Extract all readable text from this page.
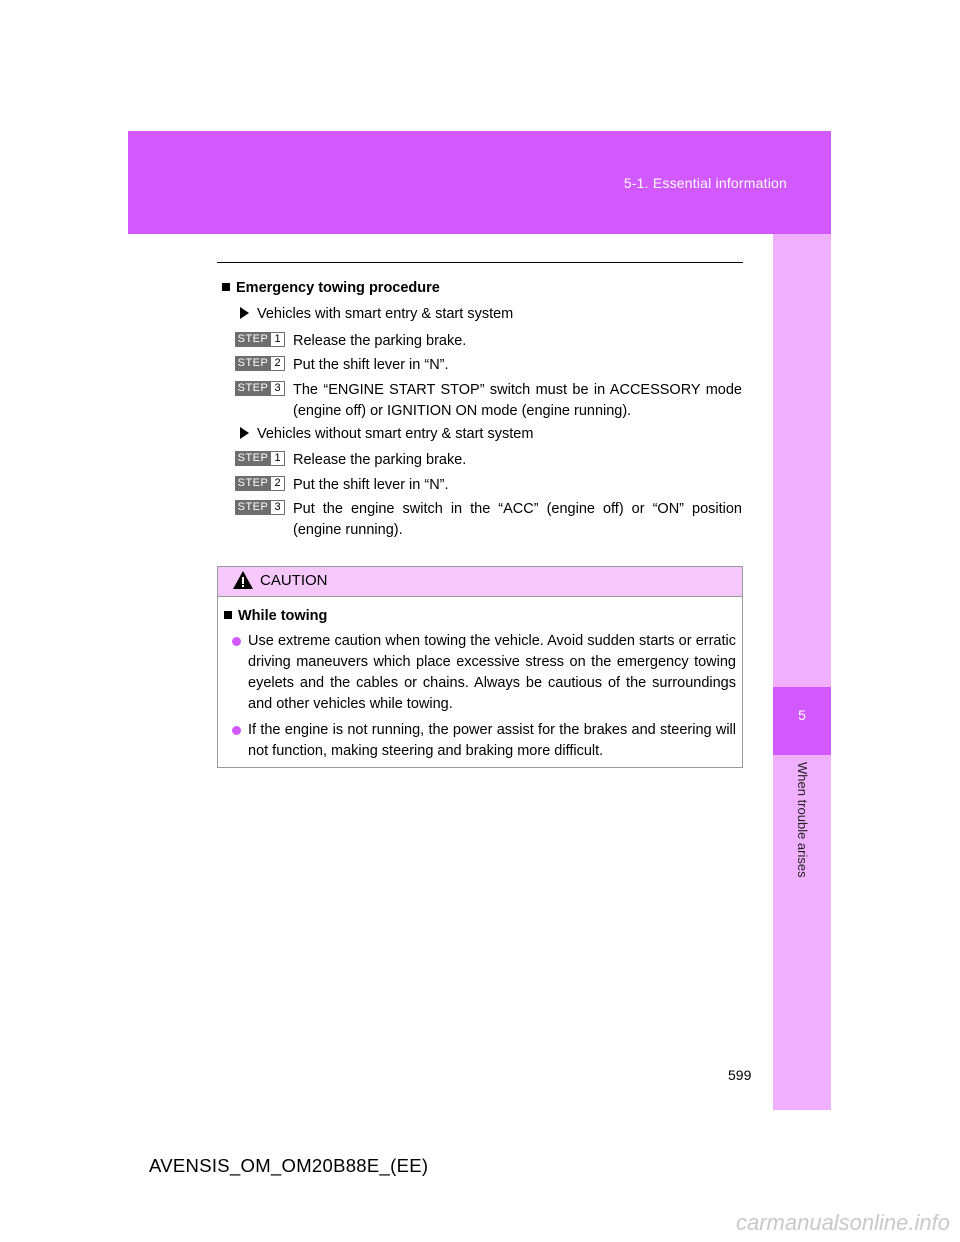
5-1. Essential information
5
When trouble arises
Emergency towing procedure
Vehicles with smart entry & start system
STEP 1 Release the parking brake.
STEP 2 Put the shift lever in “N”.
STEP 3 The “ENGINE START STOP” switch must be in ACCESSORY mode (engine off) or IGNITION ON mode (engine running).
Vehicles without smart entry & start system
STEP 1 Release the parking brake.
STEP 2 Put the shift lever in “N”.
STEP 3 Put the engine switch in the “ACC” (engine off) or “ON” position (engine running).
CAUTION
While towing
Use extreme caution when towing the vehicle. Avoid sudden starts or erratic driving maneuvers which place excessive stress on the emergency towing eyelets and the cables or chains. Always be cautious of the surroundings and other vehicles while towing.
If the engine is not running, the power assist for the brakes and steering will not function, making steering and braking more difficult.
599
AVENSIS_OM_OM20B88E_(EE)
carmanualsonline.info
